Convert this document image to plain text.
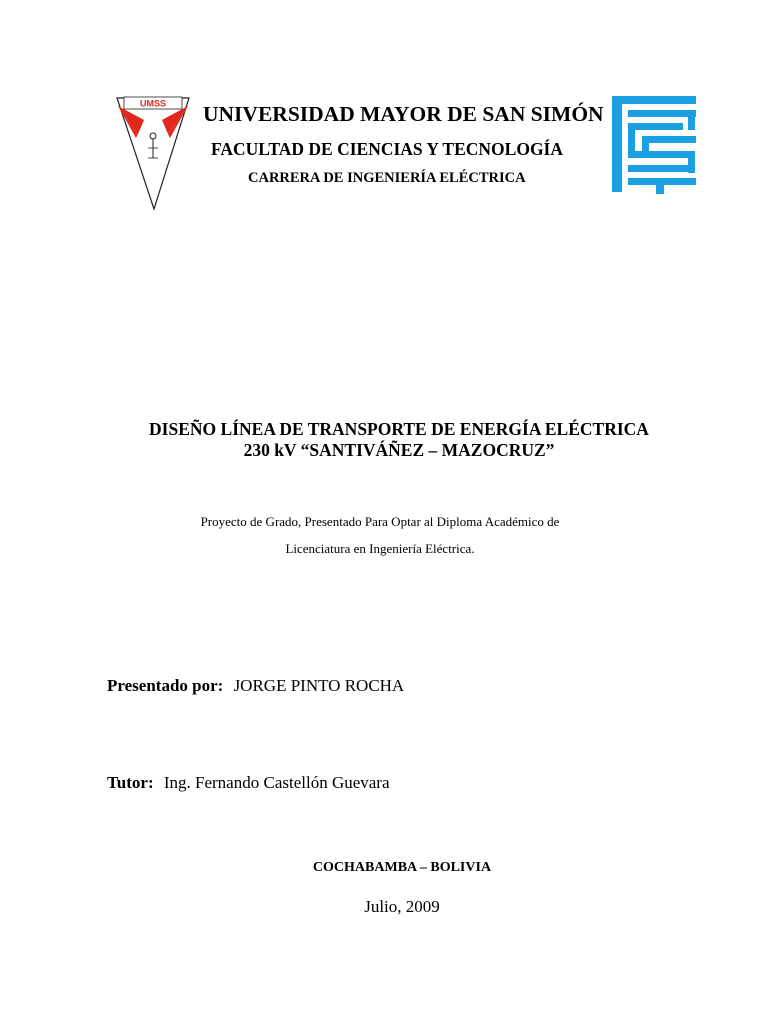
UMSS UNIVERSIDAD MAYOR DE SAN SIMÓN
FACULTAD DE CIENCIAS Y TECNOLOGÍA
CARRERA DE INGENIERÍA ELÉCTRICA
DISEÑO LÍNEA DE TRANSPORTE DE ENERGÍA ELÉCTRICA
230 kV “SANTIVÁÑEZ – MAZOCRUZ”
Proyecto de Grado, Presentado Para Optar al Diploma Académico de
Licenciatura en Ingeniería Eléctrica.
Presentado por: JORGE PINTO ROCHA
Tutor: Ing. Fernando Castellón Guevara
COCHABAMBA – BOLIVIA
Julio, 2009
